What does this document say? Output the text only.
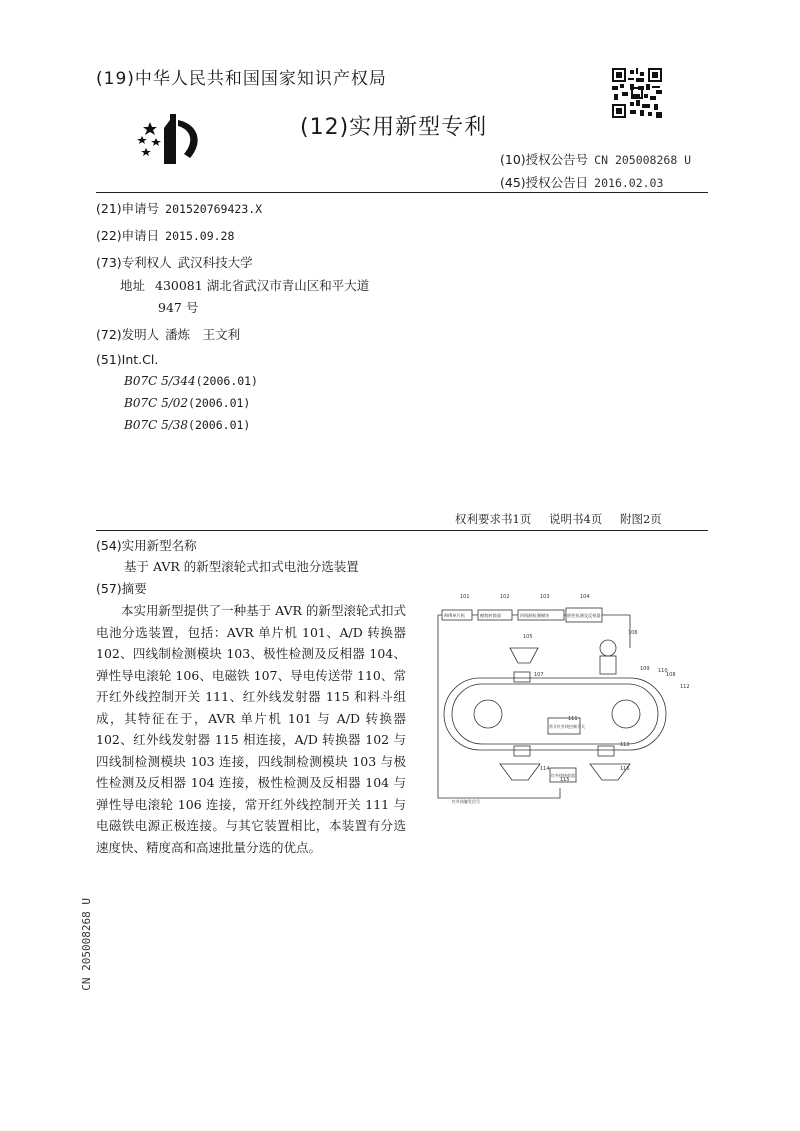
(19)中华人民共和国国家知识产权局
(12)实用新型专利
(10)授权公告号 CN 205008268 U
(45)授权公告日 2016.02.03
(21)申请号 201520769423.X
(22)申请日 2015.09.28
(73)专利权人 武汉科技大学
地址 430081 湖北省武汉市青山区和平大道
947 号
(72)发明人 潘炼　王文利
(51)Int.Cl.
B07C 5/344(2006.01)
B07C 5/02(2006.01)
B07C 5/38(2006.01)
权利要求书1页 说明书4页 附图2页
(54)实用新型名称
基于 AVR 的新型滚轮式扣式电池分选装置
(57)摘要
本实用新型提供了一种基于 AVR 的新型滚轮式扣式电池分选装置，包括：AVR 单片机 101、A/D 转换器 102、四线制检测模块 103、极性检测及反相器 104、弹性导电滚轮 106、电磁铁 107、导电传送带 110、常开红外线控制开关 111、红外线发射器 115 和料斗组成，其特征在于，AVR 单片机 101 与 A/D 转换器 102、红外线发射器 115 相连接，A/D 转换器 102 与四线制检测模块 103 连接，四线制检测模块 103 与极性检测及反相器 104 连接，极性检测及反相器 104 与弹性导电滚轮 106 连接，常开红外线控制开关 111 与电磁铁电源正极连接。与其它装置相比，本装置有分选速度快、精度高和高速批量分选的优点。
101	102	103	104
105
106
107	108
109 110
111
112
113
114
115
116
AVR单片机	模数转换器	四线制检测模块	极性检测及反相器
常开红外线控制开关
红外线接收器
红外线触发信号
CN 205008268 U
